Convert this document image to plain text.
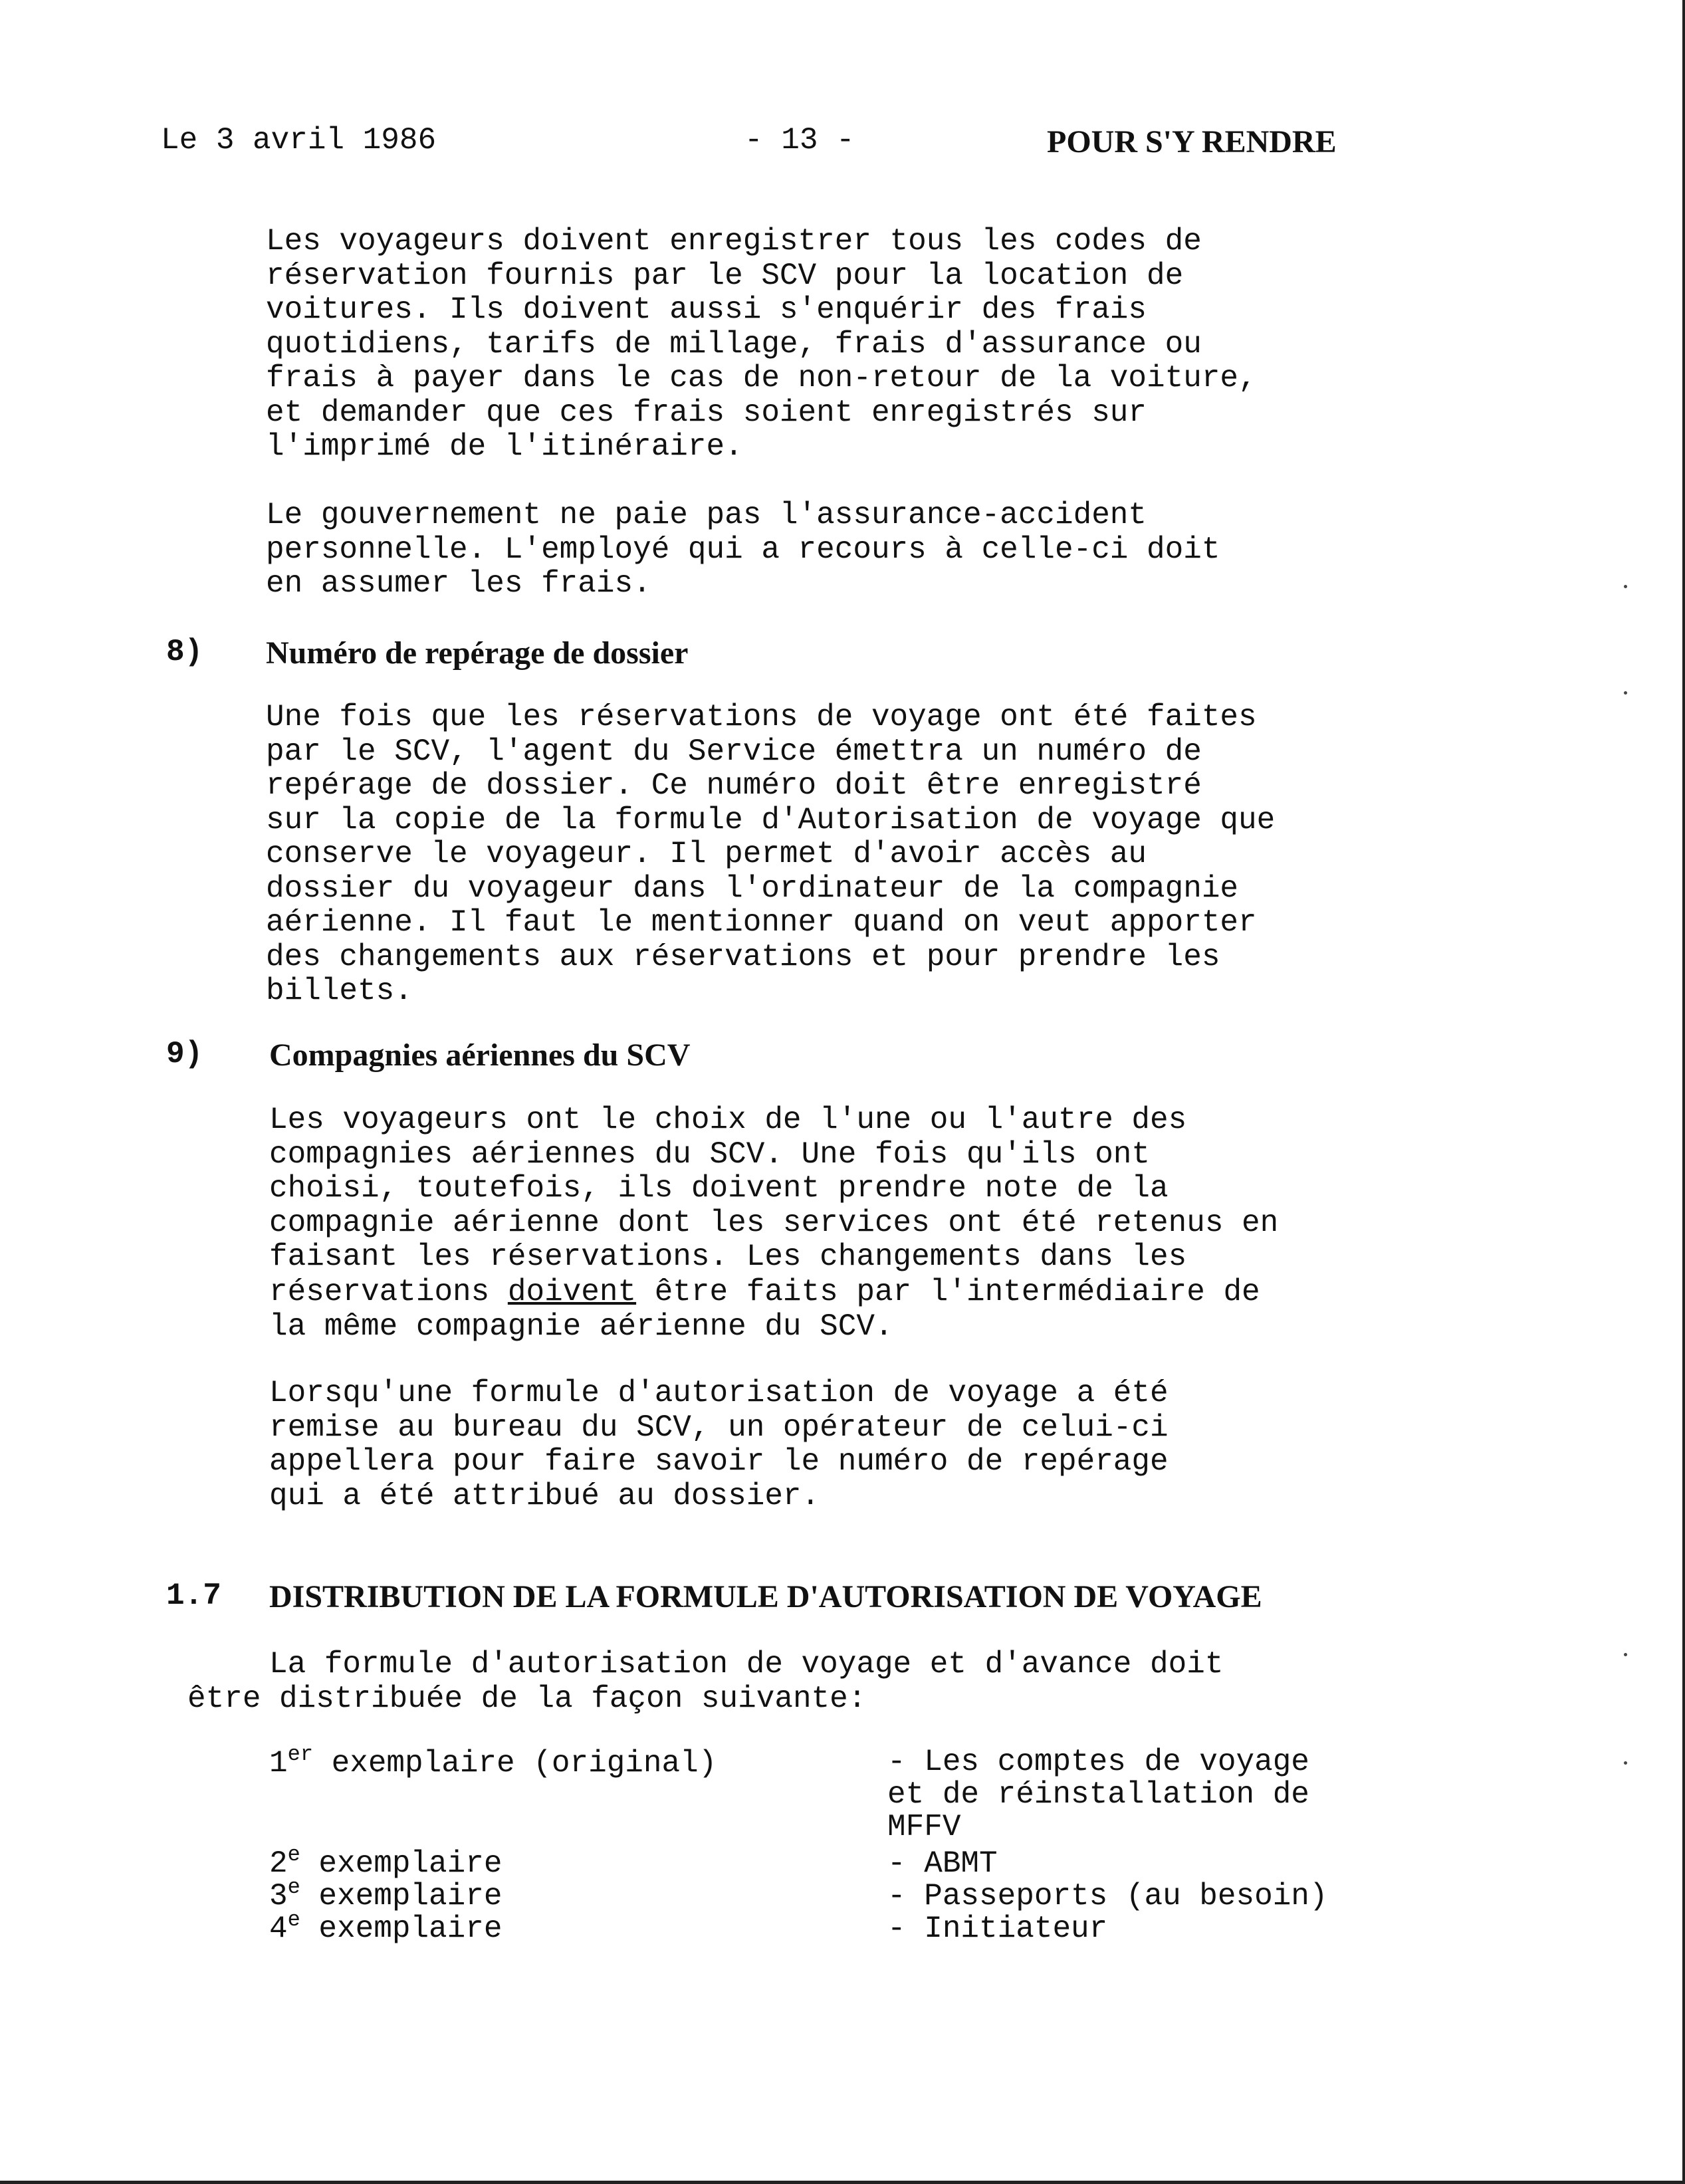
Le 3 avril 1986	- 13 -	POUR S'Y RENDRE
Les voyageurs doivent enregistrer tous les codes de
réservation fournis par le SCV pour la location de
voitures. Ils doivent aussi s'enquérir des frais
quotidiens, tarifs de millage, frais d'assurance ou
frais à payer dans le cas de non-retour de la voiture,
et demander que ces frais soient enregistrés sur
l'imprimé de l'itinéraire.
Le gouvernement ne paie pas l'assurance-accident
personnelle. L'employé qui a recours à celle-ci doit
en assumer les frais.
8) Numéro de repérage de dossier
Une fois que les réservations de voyage ont été faites
par le SCV, l'agent du Service émettra un numéro de
repérage de dossier. Ce numéro doit être enregistré
sur la copie de la formule d'Autorisation de voyage que
conserve le voyageur. Il permet d'avoir accès au
dossier du voyageur dans l'ordinateur de la compagnie
aérienne. Il faut le mentionner quand on veut apporter
des changements aux réservations et pour prendre les
billets.
9) Compagnies aériennes du SCV
Les voyageurs ont le choix de l'une ou l'autre des
compagnies aériennes du SCV. Une fois qu'ils ont
choisi, toutefois, ils doivent prendre note de la
compagnie aérienne dont les services ont été retenus en
faisant les réservations. Les changements dans les
réservations doivent être faits par l'intermédiaire de
la même compagnie aérienne du SCV.
Lorsqu'une formule d'autorisation de voyage a été
remise au bureau du SCV, un opérateur de celui-ci
appellera pour faire savoir le numéro de repérage
qui a été attribué au dossier.
1.7 DISTRIBUTION DE LA FORMULE D'AUTORISATION DE VOYAGE
La formule d'autorisation de voyage et d'avance doit
être distribuée de la façon suivante:
1er exemplaire (original)	- Les comptes de voyage
et de réinstallation de
MFFV
2e exemplaire	- ABMT
3e exemplaire	- Passeports (au besoin)
4e exemplaire	- Initiateur
